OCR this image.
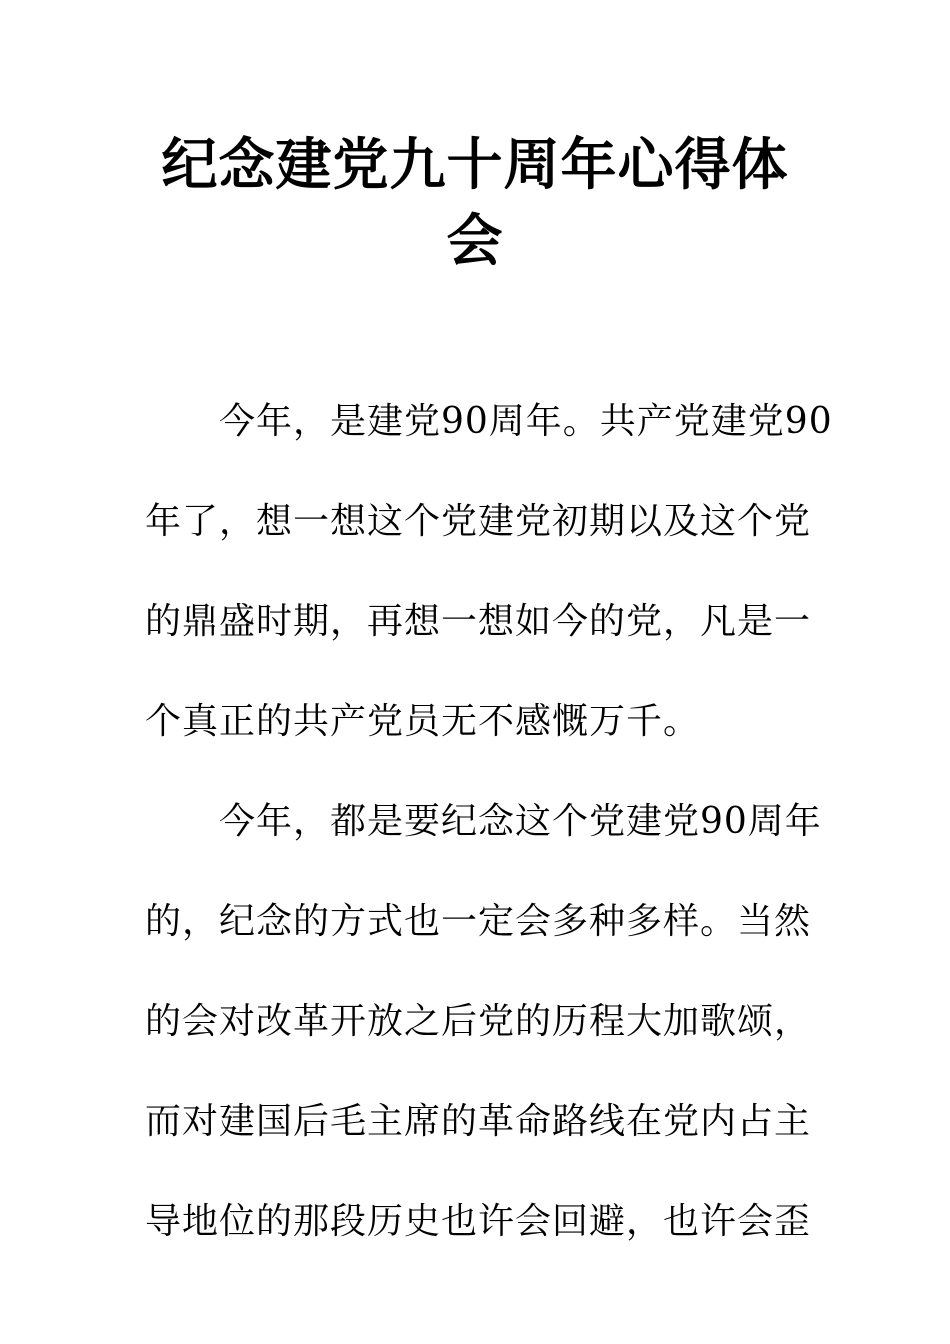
纪念建党九十周年心得体会
今年，是建党90周年。共产党建党90
年了，想一想这个党建党初期以及这个党
的鼎盛时期，再想一想如今的党，凡是一
个真正的共产党员无不感慨万千。
今年，都是要纪念这个党建党90周年
的，纪念的方式也一定会多种多样。当然
的会对改革开放之后党的历程大加歌颂，
而对建国后毛主席的革命路线在党内占主
导地位的那段历史也许会回避，也许会歪
